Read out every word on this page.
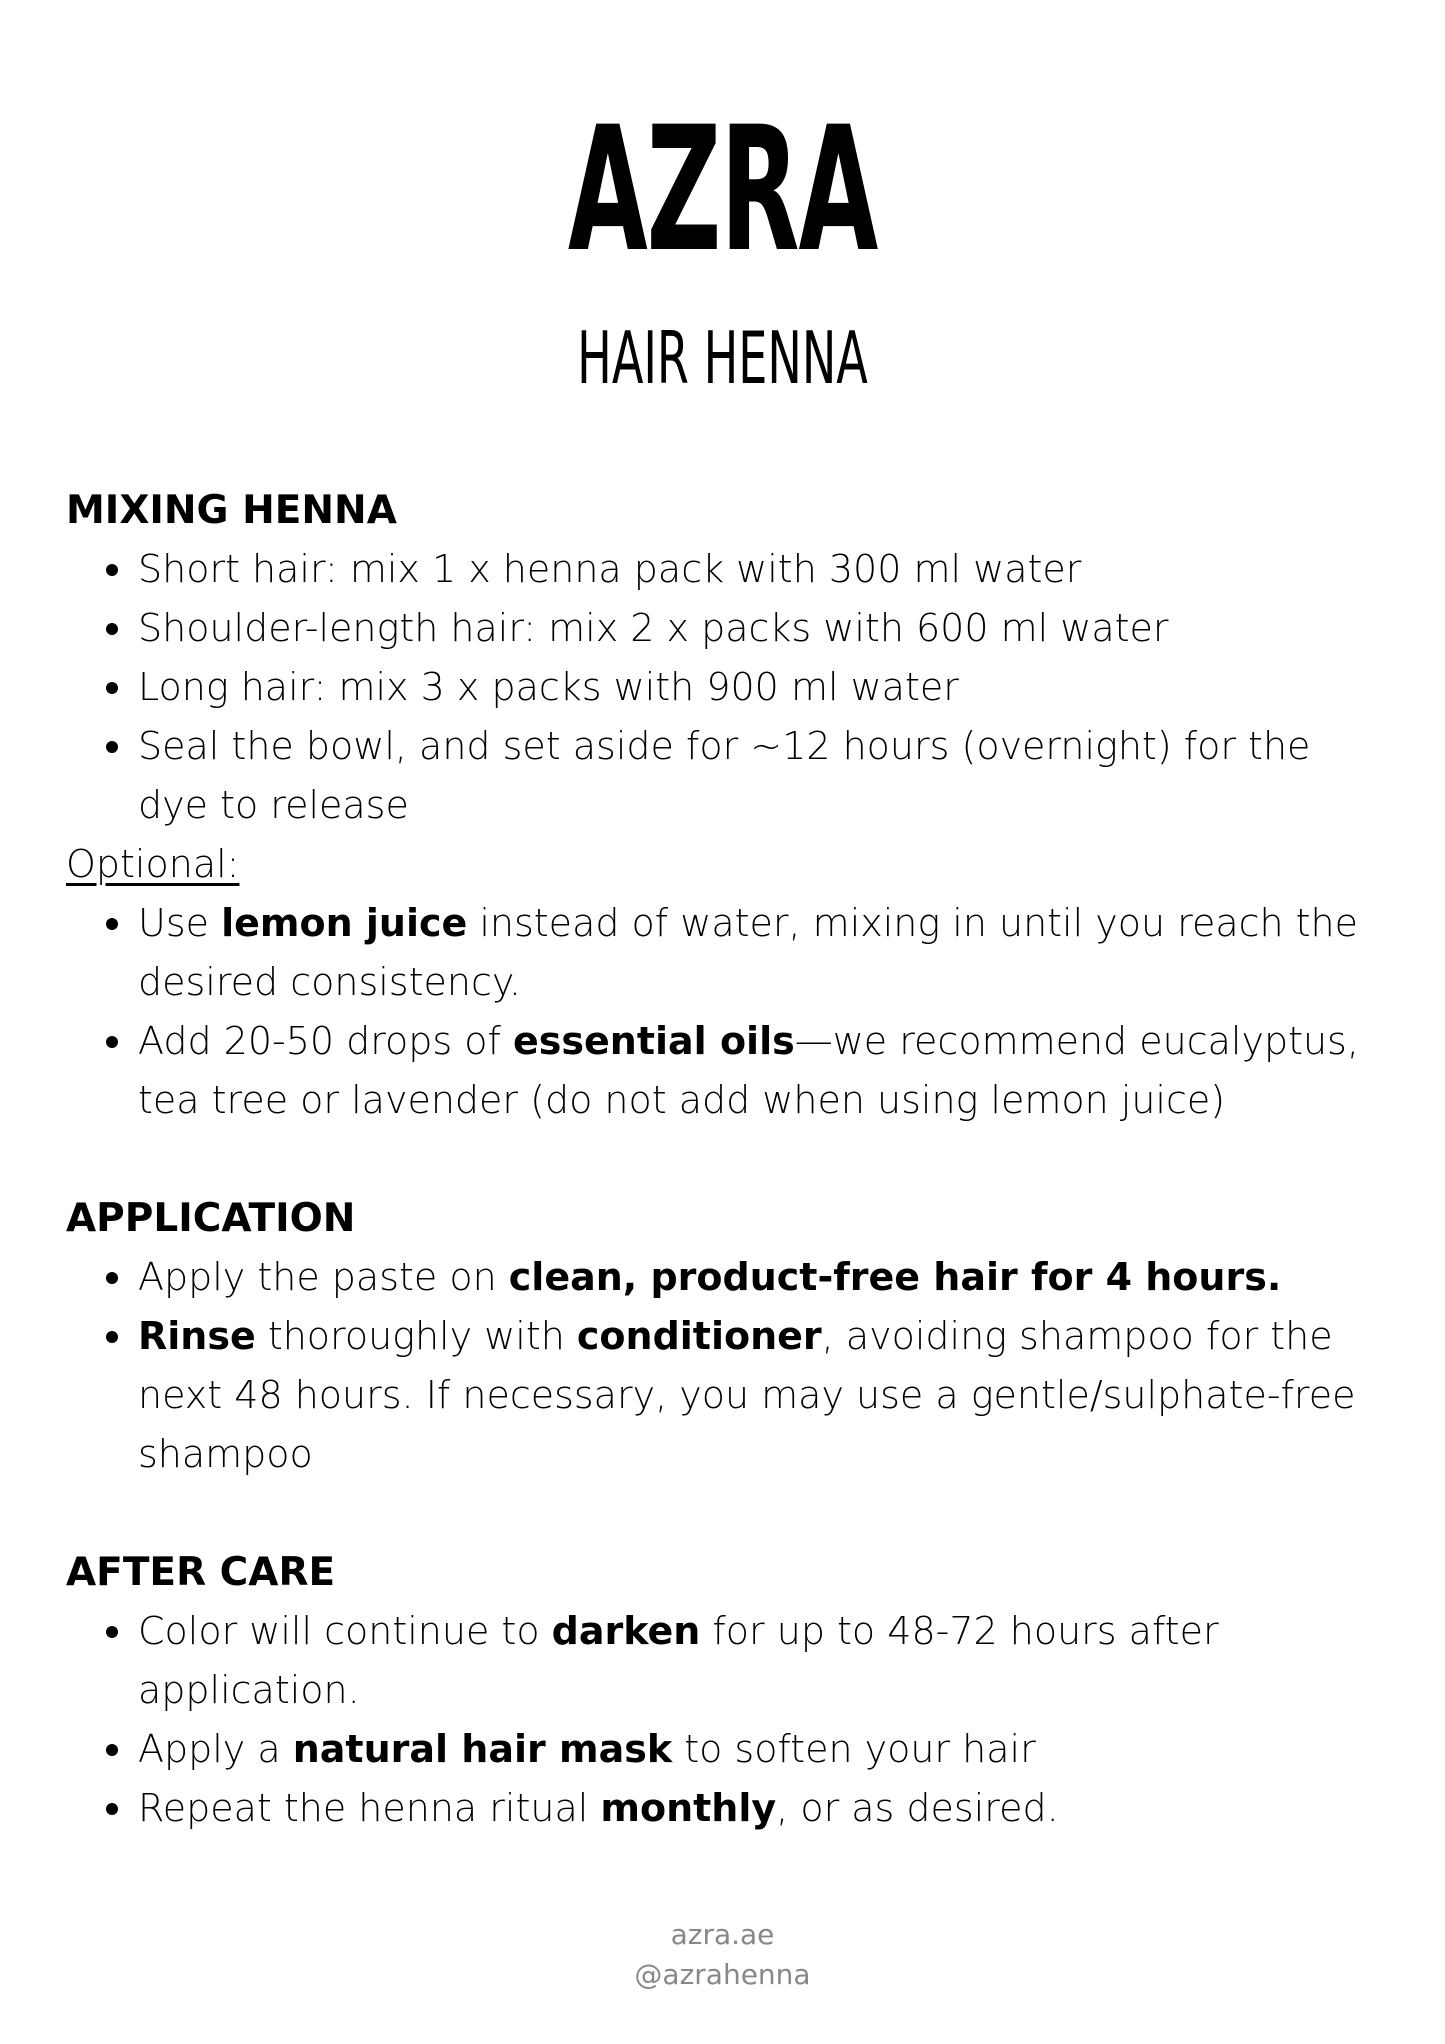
AZRA
HAIR HENNA
MIXING HENNA
Short hair: mix 1 x henna pack with 300 ml water
Shoulder-length hair: mix 2 x packs with 600 ml water
Long hair: mix 3 x packs with 900 ml water
Seal the bowl, and set aside for ~12 hours (overnight) for the dye to release

Optional:

Use lemon juice instead of water, mixing in until you reach the desired consistency.
Add 20-50 drops of essential oils—we recommend eucalyptus, tea tree or lavender (do not add when using lemon juice)
APPLICATION
Apply the paste on clean, product-free hair for 4 hours.
Rinse thoroughly with conditioner, avoiding shampoo for the next 48 hours. If necessary, you may use a gentle/sulphate-free shampoo
AFTER CARE
Color will continue to darken for up to 48-72 hours after application.
Apply a natural hair mask to soften your hair
Repeat the henna ritual monthly, or as desired.
azra.ae
@azrahenna
